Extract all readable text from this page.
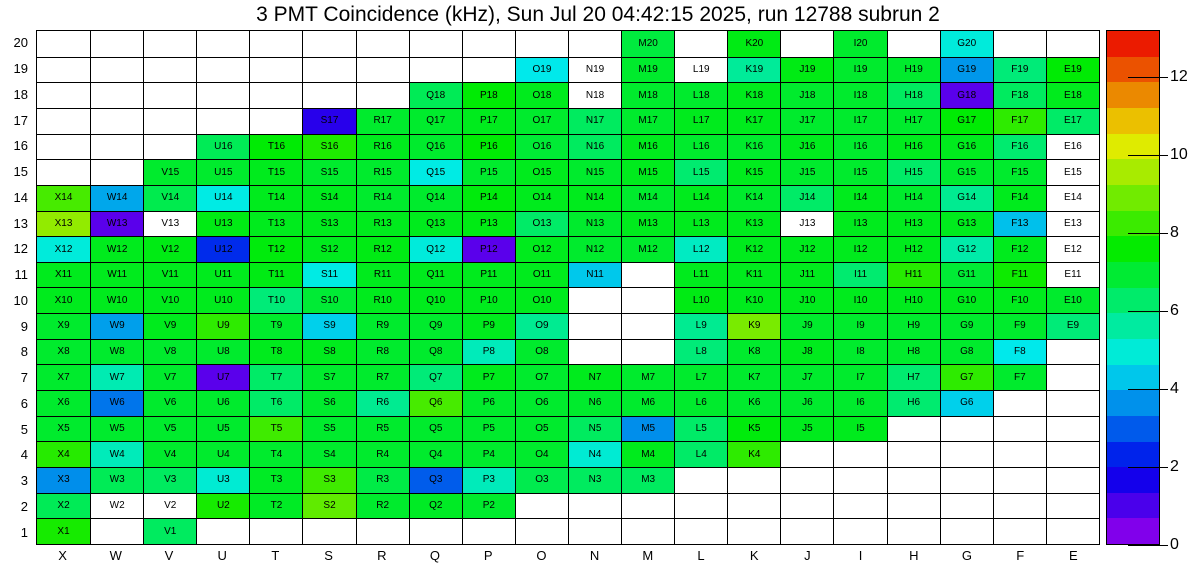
3 PMT Coincidence (kHz), Sun Jul 20 04:42:15 2025, run 12788 subrun 2
M20	K20	I20	G20
O19	N19	M19	L19	K19	J19	I19	H19	G19	F19	E19
Q18	P18	O18	N18	M18	L18	K18	J18	I18	H18	G18	F18	E18
S17	R17	Q17	P17	O17	N17	M17	L17	K17	J17	I17	H17	G17	F17	E17
U16	T16	S16	R16	Q16	P16	O16	N16	M16	L16	K16	J16	I16	H16	G16	F16	E16
V15	U15	T15	S15	R15	Q15	P15	O15	N15	M15	L15	K15	J15	I15	H15	G15	F15	E15
X14	W14	V14	U14	T14	S14	R14	Q14	P14	O14	N14	M14	L14	K14	J14	I14	H14	G14	F14	E14
X13	W13	V13	U13	T13	S13	R13	Q13	P13	O13	N13	M13	L13	K13	J13	I13	H13	G13	F13	E13
X12	W12	V12	U12	T12	S12	R12	Q12	P12	O12	N12	M12	L12	K12	J12	I12	H12	G12	F12	E12
X11	W11	V11	U11	T11	S11	R11	Q11	P11	O11	N11	L11	K11	J11	I11	H11	G11	F11	E11
X10	W10	V10	U10	T10	S10	R10	Q10	P10	O10	L10	K10	J10	I10	H10	G10	F10	E10
X9	W9	V9	U9	T9	S9	R9	Q9	P9	O9	L9	K9	J9	I9	H9	G9	F9	E9
X8	W8	V8	U8	T8	S8	R8	Q8	P8	O8	L8	K8	J8	I8	H8	G8	F8
X7	W7	V7	U7	T7	S7	R7	Q7	P7	O7	N7	M7	L7	K7	J7	I7	H7	G7	F7
X6	W6	V6	U6	T6	S6	R6	Q6	P6	O6	N6	M6	L6	K6	J6	I6	H6	G6
X5	W5	V5	U5	T5	S5	R5	Q5	P5	O5	N5	M5	L5	K5	J5	I5
X4	W4	V4	U4	T4	S4	R4	Q4	P4	O4	N4	M4	L4	K4
X3	W3	V3	U3	T3	S3	R3	Q3	P3	O3	N3	M3
X2	W2	V2	U2	T2	S2	R2	Q2	P2
X1	V1
20
19
18
17
16
15
14
13
12
11
10
9
8
7
6
5
4
3
2
1
X	W	V	U	T	S	R	Q	P	O	N	M	L	K	J	I	H	G	F	E
0
2
4
6
8
10
12
